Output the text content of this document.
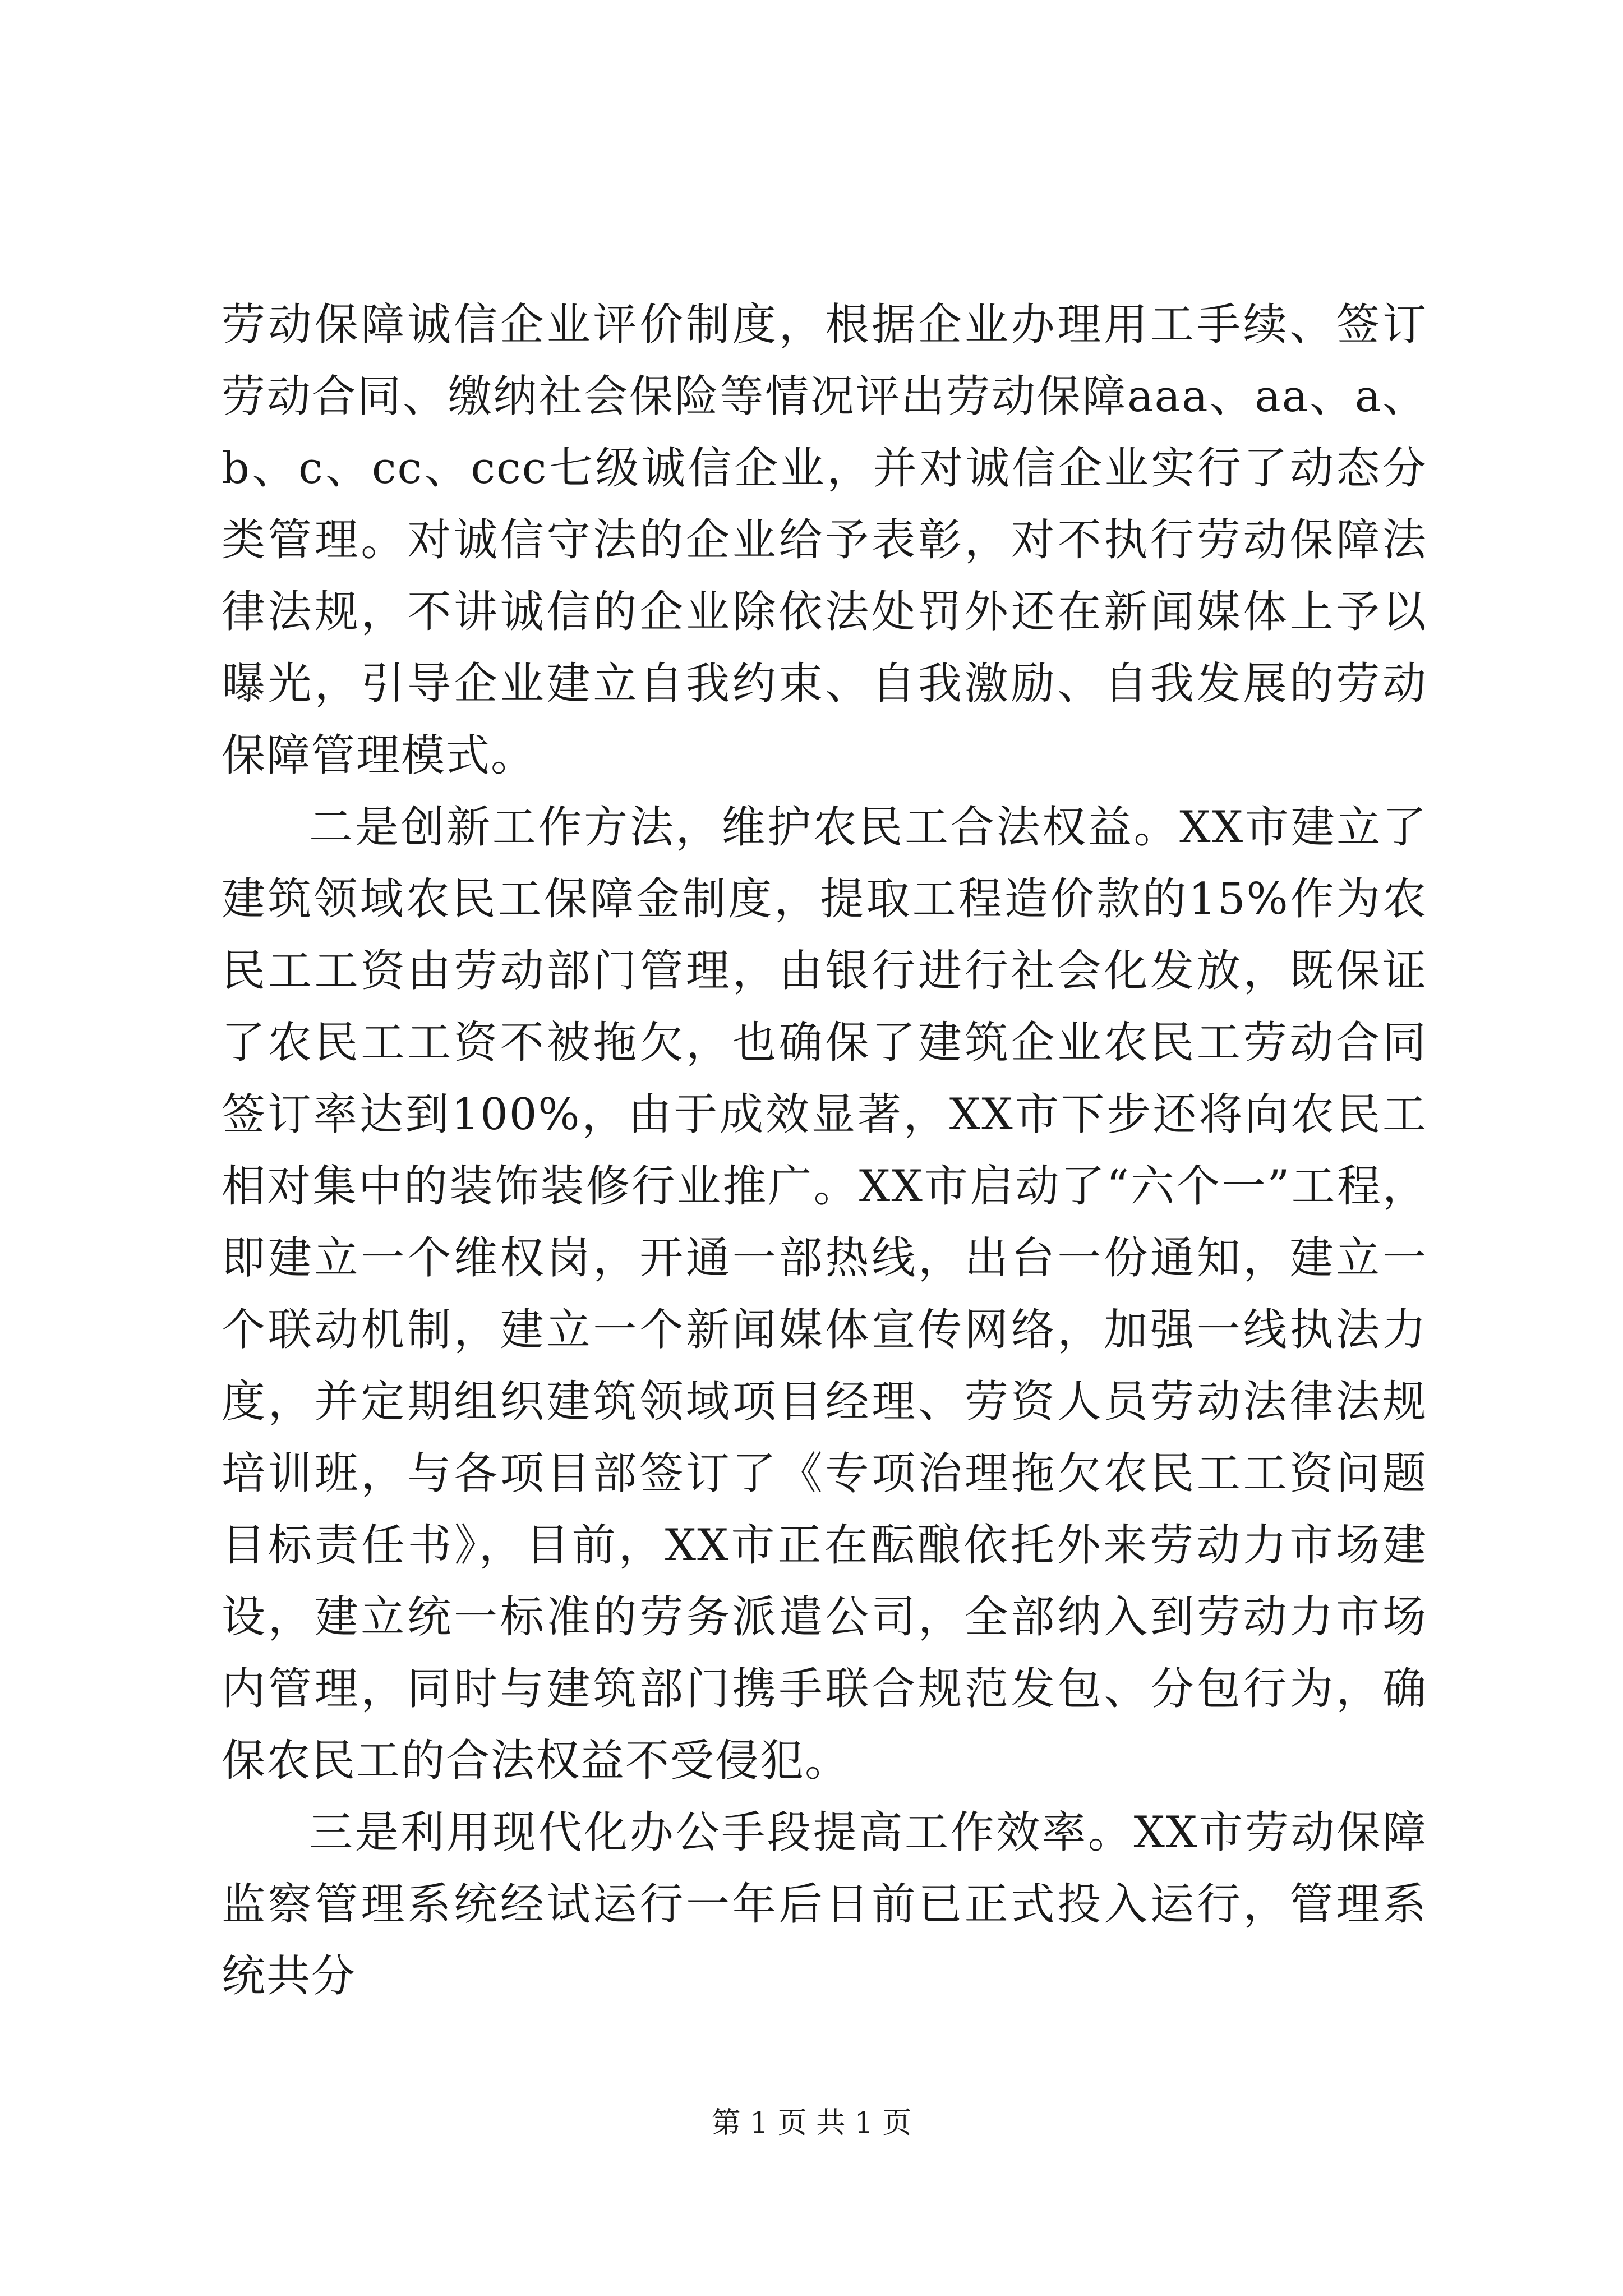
劳动保障诚信企业评价制度，根据企业办理用工手续、签订劳动合同、缴纳社会保险等情况评出劳动保障aaa、aa、a、b、c、cc、ccc七级诚信企业，并对诚信企业实行了动态分类管理。对诚信守法的企业给予表彰，对不执行劳动保障法律法规，不讲诚信的企业除依法处罚外还在新闻媒体上予以曝光，引导企业建立自我约束、自我激励、自我发展的劳动保障管理模式。

二是创新工作方法，维护农民工合法权益。XX市建立了建筑领域农民工保障金制度，提取工程造价款的15%作为农民工工资由劳动部门管理，由银行进行社会化发放，既保证了农民工工资不被拖欠，也确保了建筑企业农民工劳动合同签订率达到100%，由于成效显著，XX市下步还将向农民工相对集中的装饰装修行业推广。XX市启动了“六个一”工程，即建立一个维权岗，开通一部热线，出台一份通知，建立一个联动机制，建立一个新闻媒体宣传网络，加强一线执法力度，并定期组织建筑领域项目经理、劳资人员劳动法律法规培训班，与各项目部签订了《专项治理拖欠农民工工资问题目标责任书》，目前，XX市正在酝酿依托外来劳动力市场建设，建立统一标准的劳务派遣公司，全部纳入到劳动力市场内管理，同时与建筑部门携手联合规范发包、分包行为，确保农民工的合法权益不受侵犯。

三是利用现代化办公手段提高工作效率。XX市劳动保障监察管理系统经试运行一年后日前已正式投入运行，管理系统共分

第 1 页 共 1 页
